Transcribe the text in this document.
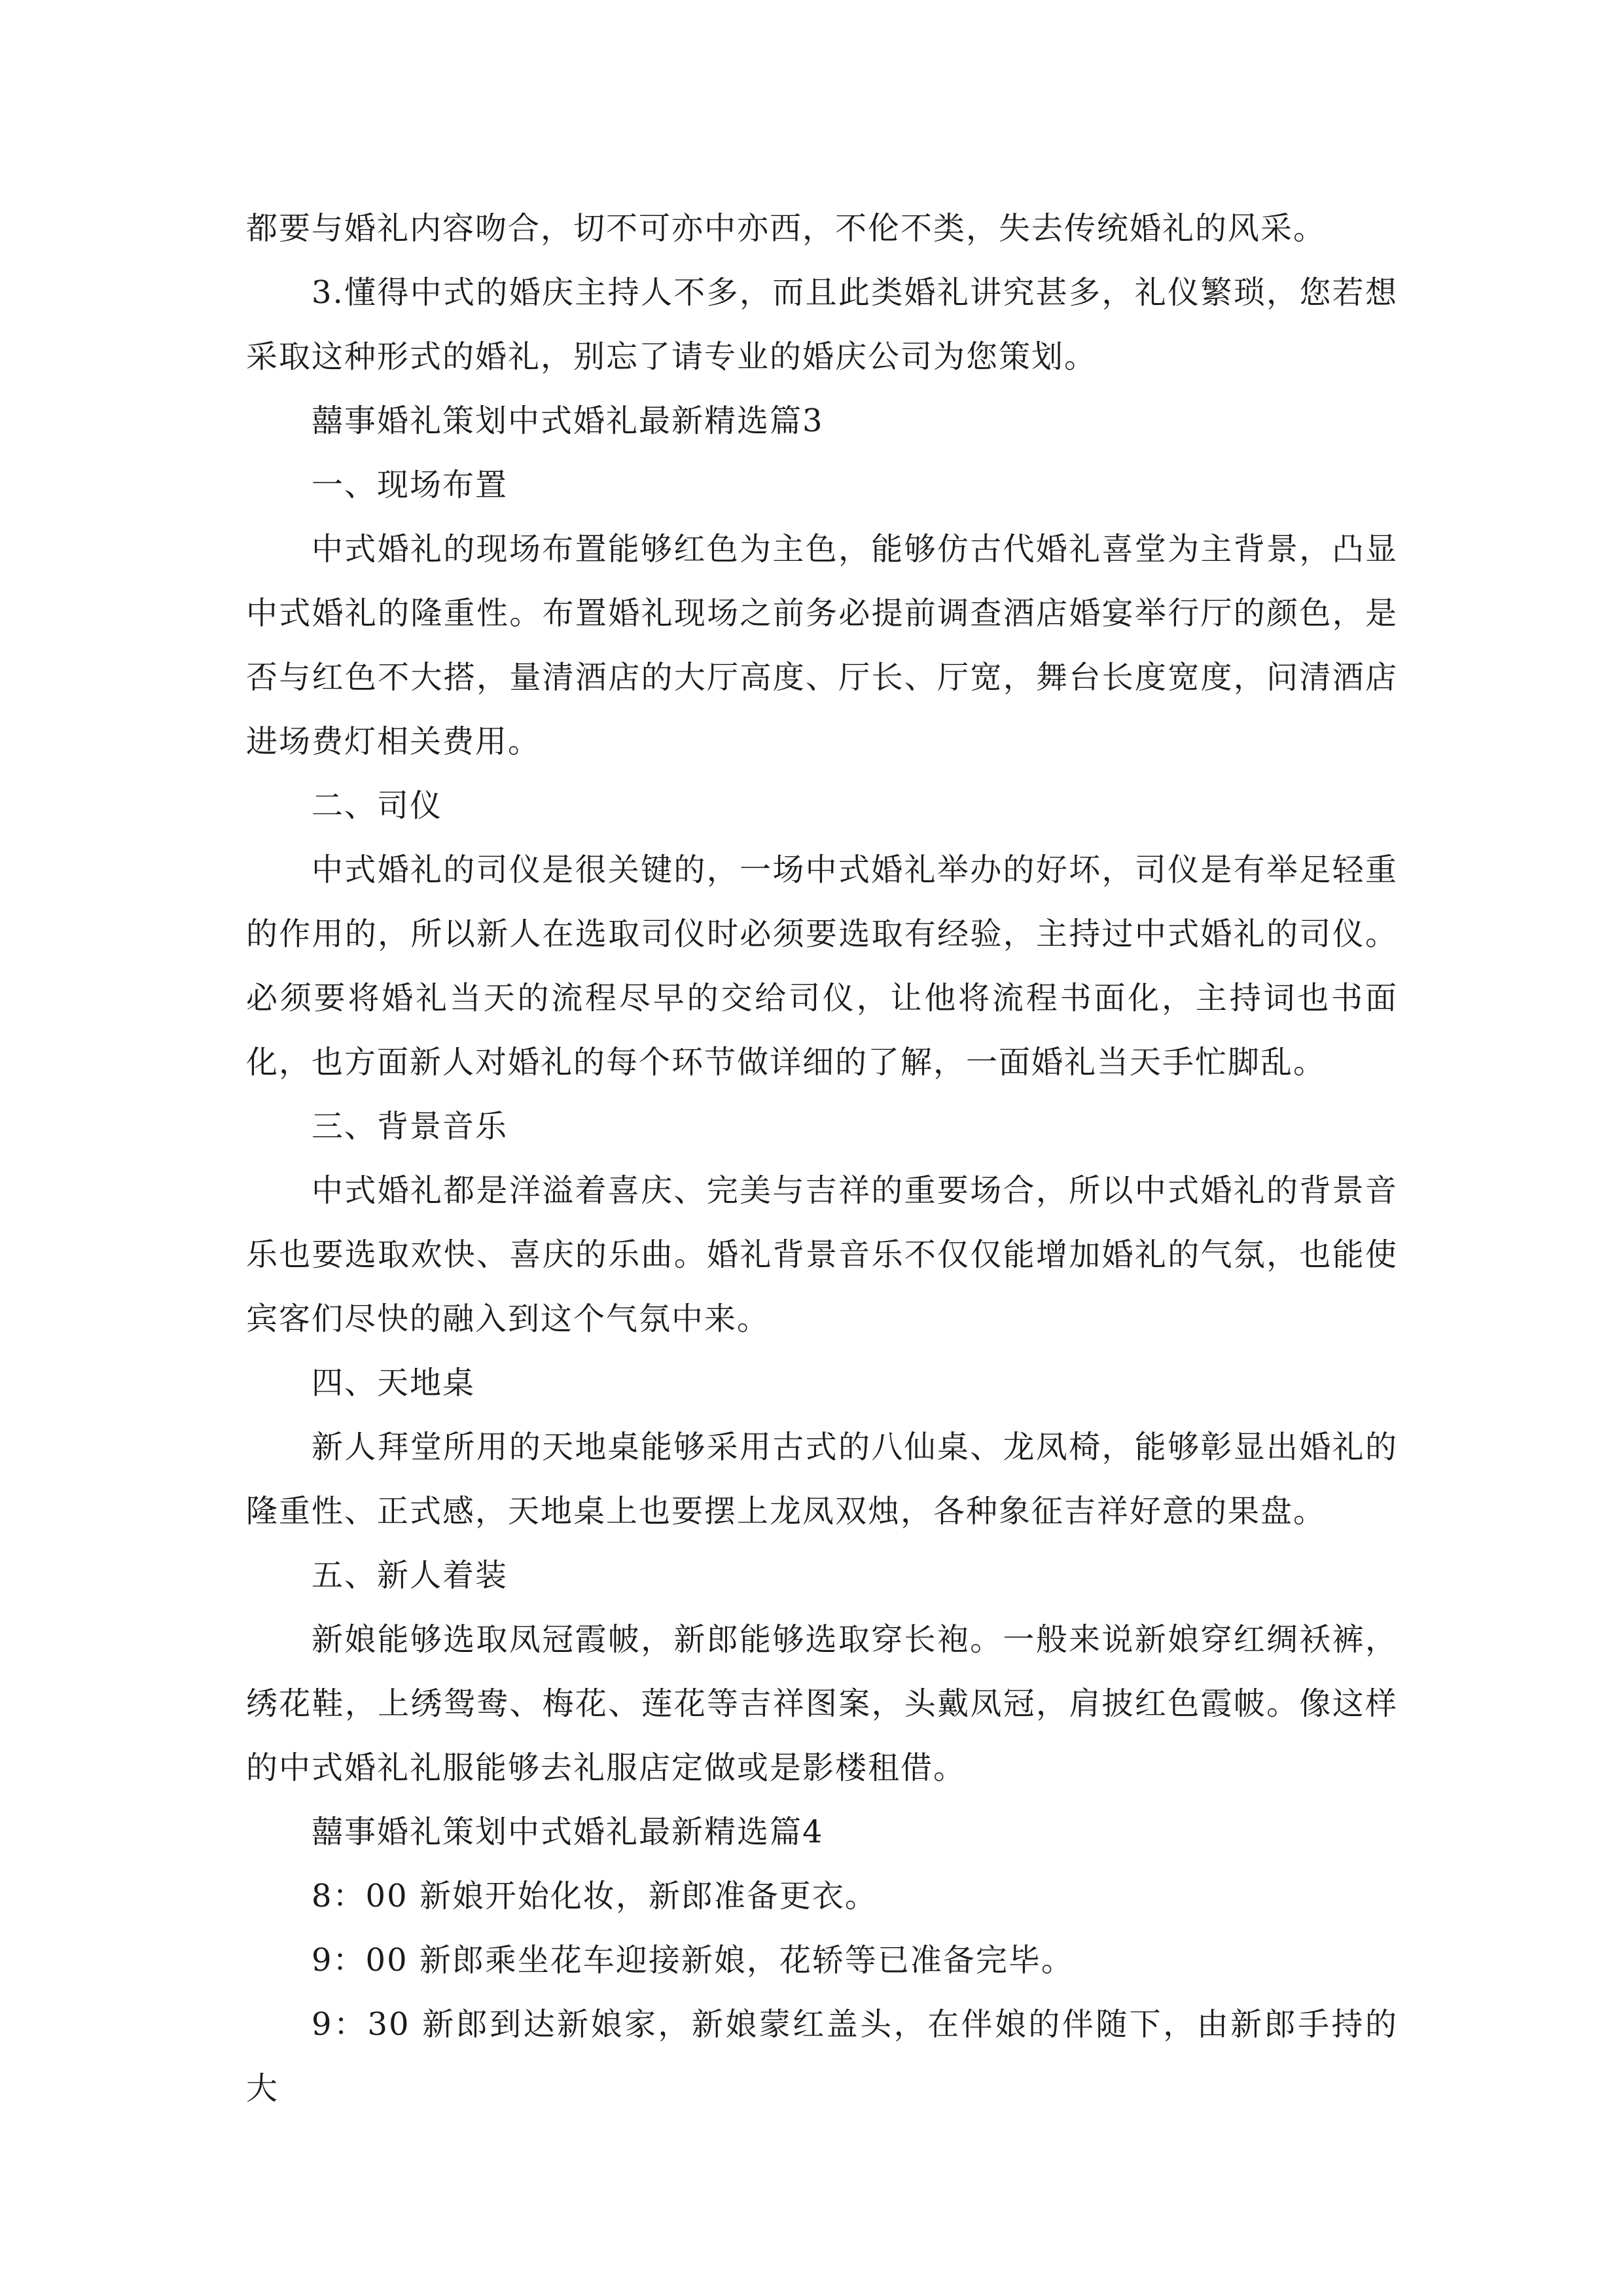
都要与婚礼内容吻合，切不可亦中亦西，不伦不类，失去传统婚礼的风采。

3.懂得中式的婚庆主持人不多，而且此类婚礼讲究甚多，礼仪繁琐，您若想采取这种形式的婚礼，别忘了请专业的婚庆公司为您策划。

囍事婚礼策划中式婚礼最新精选篇3

一、现场布置

中式婚礼的现场布置能够红色为主色，能够仿古代婚礼喜堂为主背景，凸显中式婚礼的隆重性。布置婚礼现场之前务必提前调查酒店婚宴举行厅的颜色，是否与红色不大搭，量清酒店的大厅高度、厅长、厅宽，舞台长度宽度，问清酒店进场费灯相关费用。

二、司仪

中式婚礼的司仪是很关键的，一场中式婚礼举办的好坏，司仪是有举足轻重的作用的，所以新人在选取司仪时必须要选取有经验，主持过中式婚礼的司仪。必须要将婚礼当天的流程尽早的交给司仪，让他将流程书面化，主持词也书面化，也方面新人对婚礼的每个环节做详细的了解，一面婚礼当天手忙脚乱。

三、背景音乐

中式婚礼都是洋溢着喜庆、完美与吉祥的重要场合，所以中式婚礼的背景音乐也要选取欢快、喜庆的乐曲。婚礼背景音乐不仅仅能增加婚礼的气氛，也能使宾客们尽快的融入到这个气氛中来。

四、天地桌

新人拜堂所用的天地桌能够采用古式的八仙桌、龙凤椅，能够彰显出婚礼的隆重性、正式感，天地桌上也要摆上龙凤双烛，各种象征吉祥好意的果盘。

五、新人着装

新娘能够选取凤冠霞帔，新郎能够选取穿长袍。一般来说新娘穿红绸袄裤，绣花鞋，上绣鸳鸯、梅花、莲花等吉祥图案，头戴凤冠，肩披红色霞帔。像这样的中式婚礼礼服能够去礼服店定做或是影楼租借。

囍事婚礼策划中式婚礼最新精选篇4

8：00 新娘开始化妆，新郎准备更衣。

9：00 新郎乘坐花车迎接新娘，花轿等已准备完毕。

9：30 新郎到达新娘家，新娘蒙红盖头，在伴娘的伴随下，由新郎手持的大
